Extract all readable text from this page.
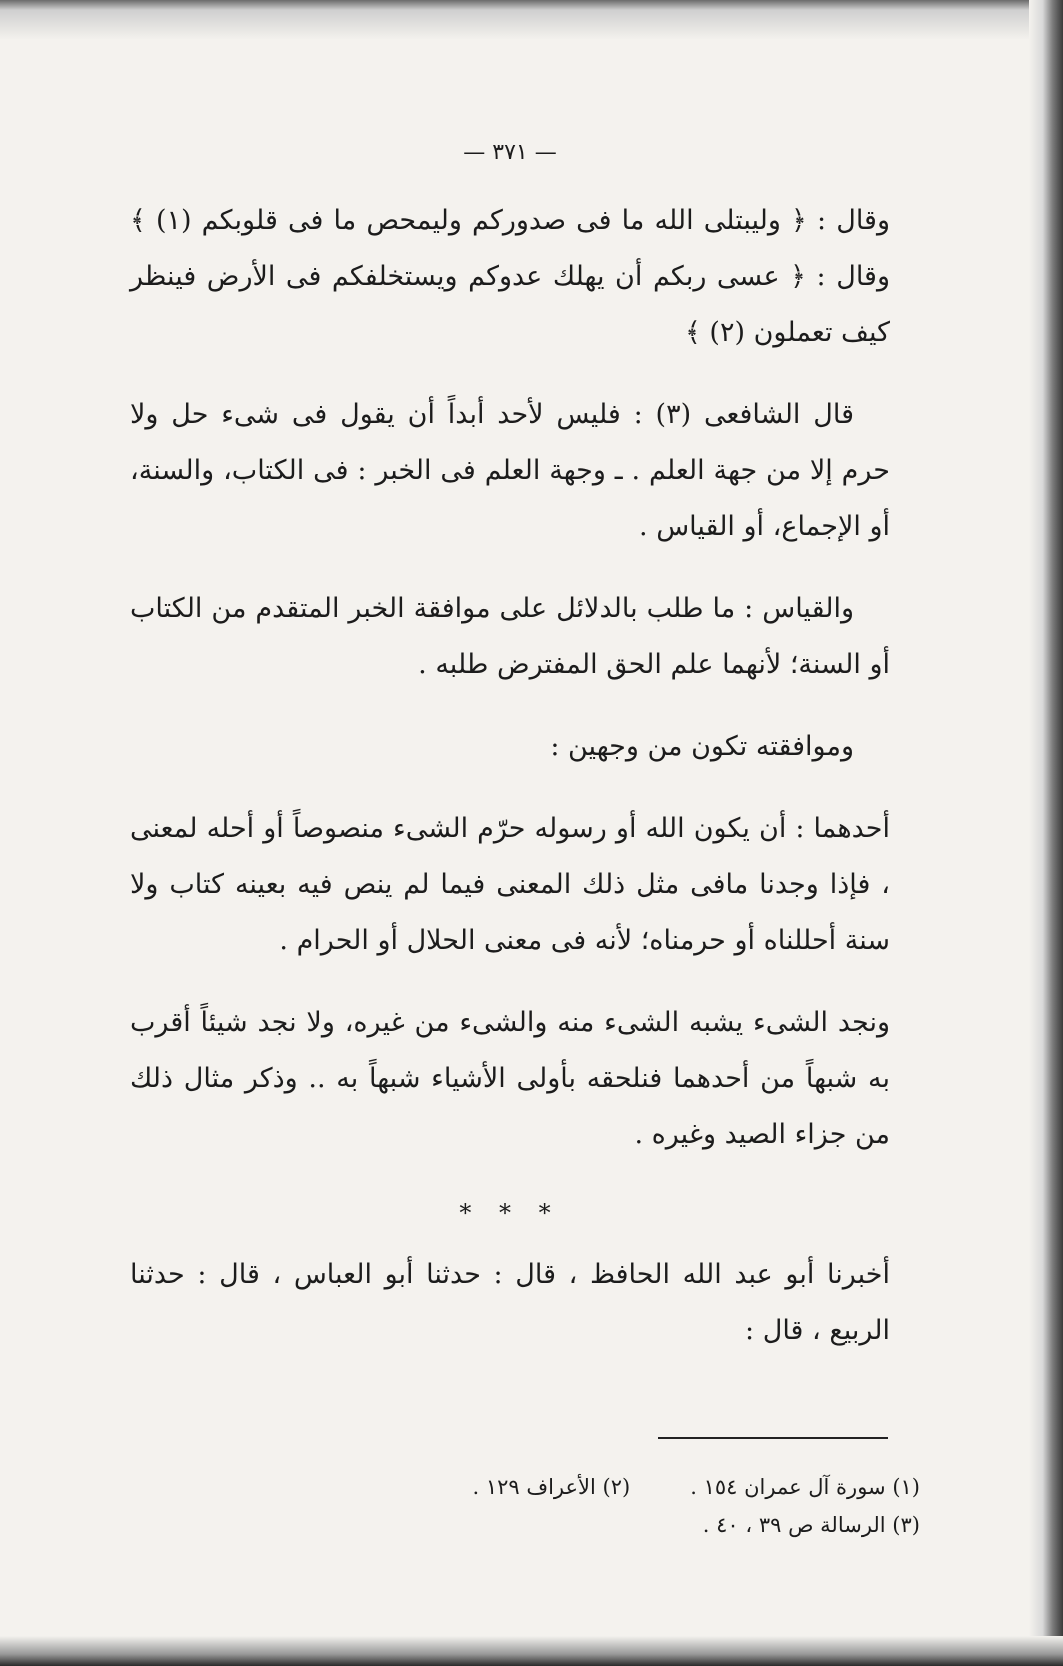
— ٣٧١ —

وقال : ﴿ وليبتلى الله ما فى صدوركم وليمحص ما فى قلوبكم (١) ﴾ وقال : ﴿ عسى ربكم أن يهلك عدوكم ويستخلفكم فى الأرض فينظر كيف تعملون (٢) ﴾

قال الشافعى (٣) : فليس لأحد أبداً أن يقول فى شىء حل ولا حرم إلا من جهة العلم . ـ وجهة العلم فى الخبر : فى الكتاب، والسنة، أو الإجماع، أو القياس .

والقياس : ما طلب بالدلائل على موافقة الخبر المتقدم من الكتاب أو السنة؛ لأنهما علم الحق المفترض طلبه .

وموافقته تكون من وجهين :

أحدهما : أن يكون الله أو رسوله حرّم الشىء منصوصاً أو أحله لمعنى ، فإذا وجدنا مافى مثل ذلك المعنى فيما لم ينص فيه بعينه كتاب ولا سنة أحللناه أو حرمناه؛ لأنه فى معنى الحلال أو الحرام .

ونجد الشىء يشبه الشىء منه والشىء من غيره، ولا نجد شيئاً أقرب به شبهاً من أحدهما فنلحقه بأولى الأشياء شبهاً به .. وذكر مثال ذلك من جزاء الصيد وغيره .

* * *

أخبرنا أبو عبد الله الحافظ ، قال : حدثنا أبو العباس ، قال : حدثنا الربيع ، قال :

(١) سورة آل عمران ١٥٤ .
(٢) الأعراف ١٢٩ .
(٣) الرسالة ص ٣٩ ، ٤٠ .
